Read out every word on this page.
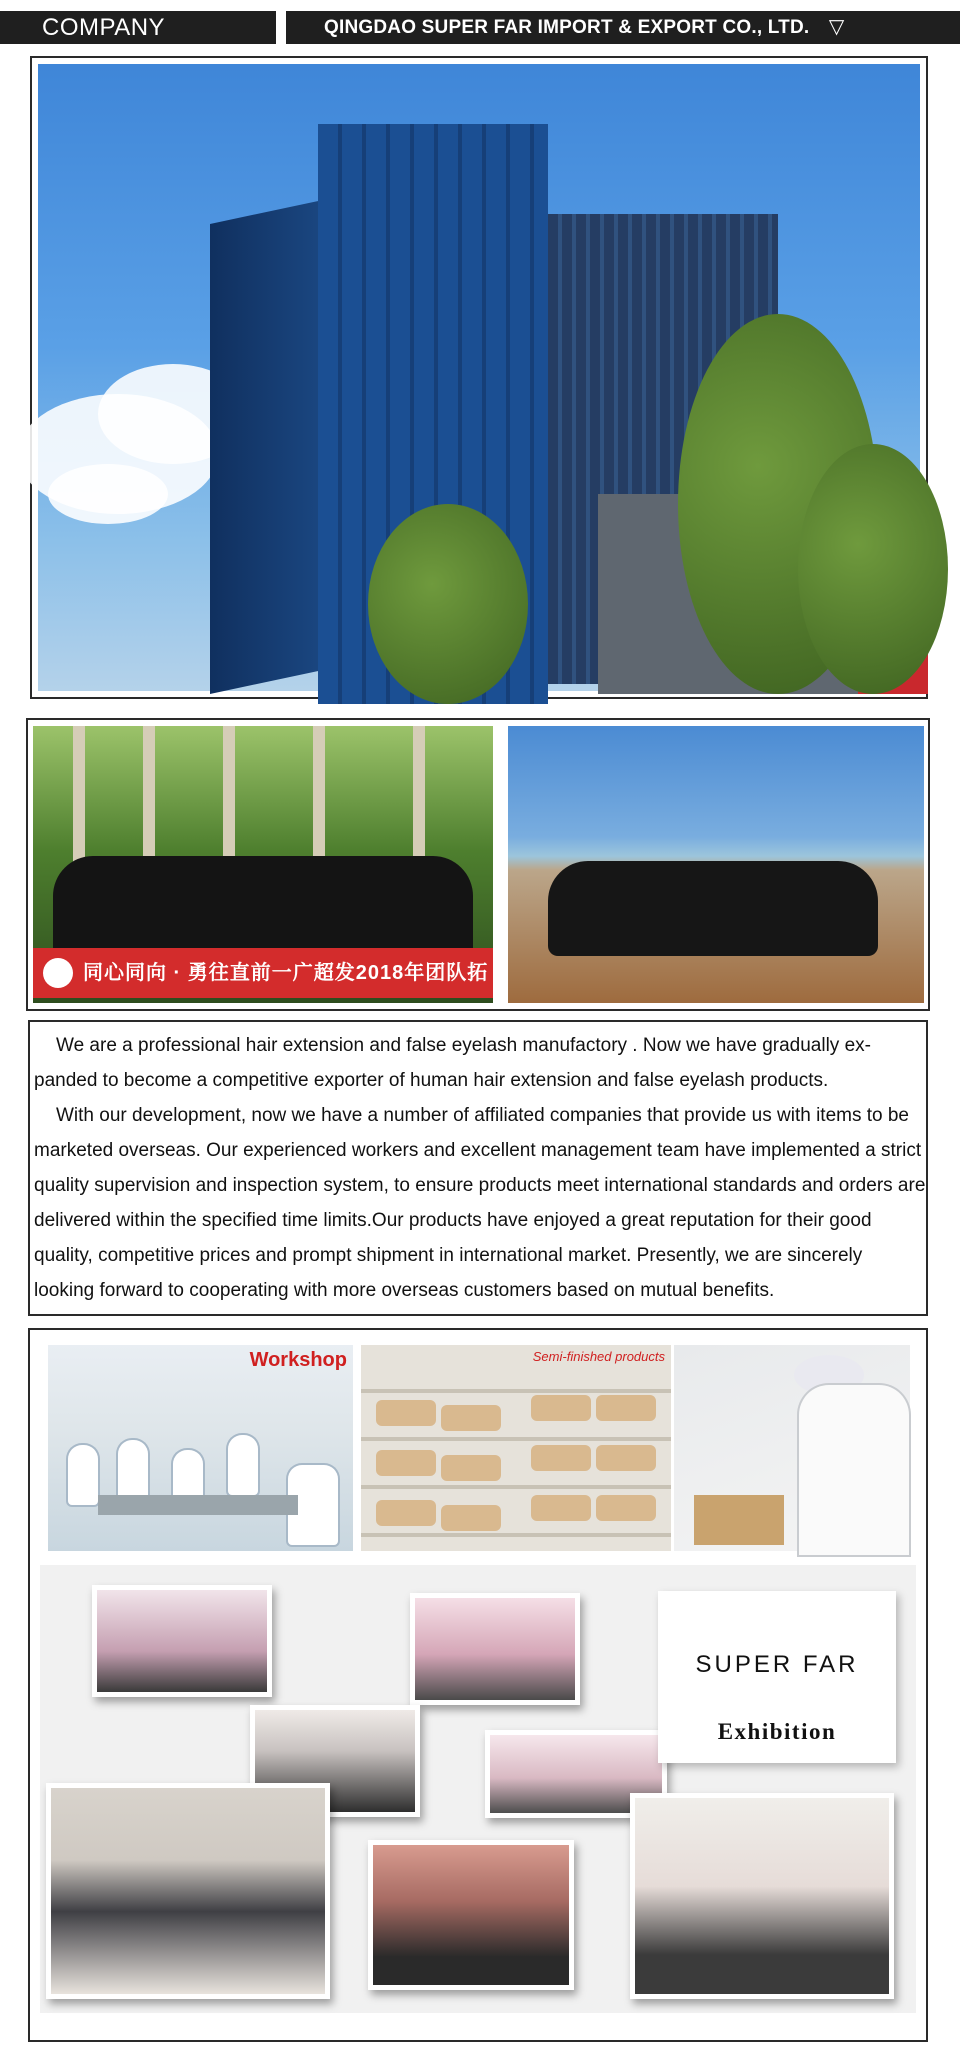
COMPANY	QINGDAO SUPER FAR IMPORT & EXPORT CO., LTD. ▽
同心同向 · 勇往直前一广超发2018年团队拓

We are a professional hair extension and false eyelash manufactory . Now we have gradually ex-panded to become a competitive exporter of human hair extension and false eyelash products.

With our development, now we have a number of affiliated companies that provide us with items to be marketed overseas. Our experienced workers and excellent management team have implemented a strict quality supervision and inspection system, to ensure products meet international standards and orders are delivered within the specified time limits.Our products have enjoyed a great reputation for their good quality, competitive prices and prompt shipment in international market. Presently, we are sincerely looking forward to cooperating with more overseas customers based on mutual benefits.

Workshop	Semi-finished products
SUPER FAR
Exhibition
